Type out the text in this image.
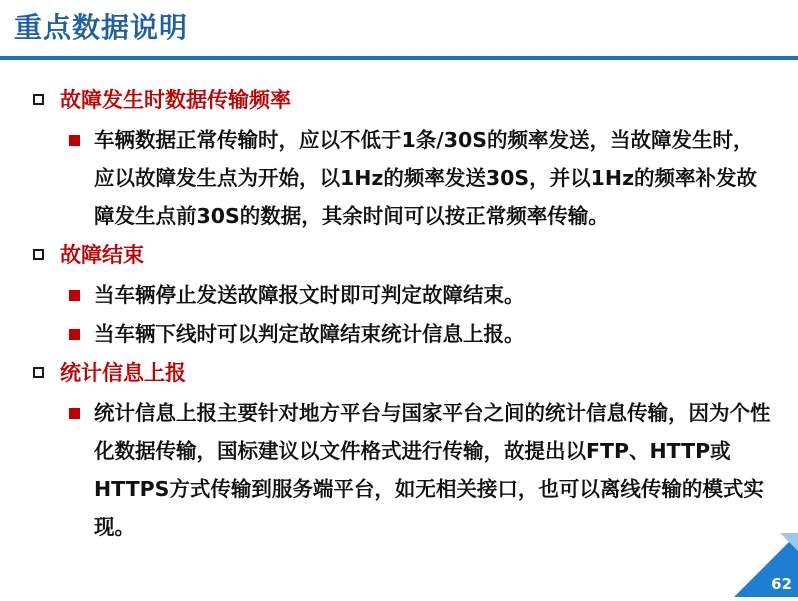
重点数据说明
故障发生时数据传输频率
车辆数据正常传输时，应以不低于1条/30S的频率发送，当故障发生时，应以故障发生点为开始，以1Hz的频率发送30S，并以1Hz的频率补发故障发生点前30S的数据，其余时间可以按正常频率传输。
故障结束
当车辆停止发送故障报文时即可判定故障结束。
当车辆下线时可以判定故障结束统计信息上报。
统计信息上报
统计信息上报主要针对地方平台与国家平台之间的统计信息传输，因为个性化数据传输，国标建议以文件格式进行传输，故提出以FTP、HTTP或HTTPS方式传输到服务端平台，如无相关接口，也可以离线传输的模式实现。
62
